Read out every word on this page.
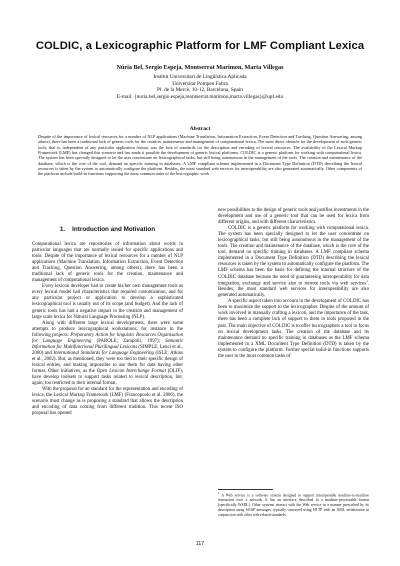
COLDIC, a Lexicographic Platform for LMF Compliant Lexica
Núria Bel, Sergio Espeja, Montserrat Marimon, Marta Villegas
Institut Universitari de Lingüística Aplicada
Universitat Pompeu Fabra
Pl. de la Mercè, 10-12, Barcelona, Spain
E-mail: {nuria.bel,sergio.espeja,montserrat.marimon,marta.villegas}@upf.edu
Abstract
Despite of the importance of lexical resources for a number of NLP applications (Machine Translation, Information Extraction, Event Detection and Tracking, Question Answering, among others), there has been a traditional lack of generic tools for the creation, maintenance and management of computational lexica. The most direct obstacle for the development of such generic tools, that is, independent of any particular application format, was the lack of standards for the description and encoding of lexical resources. The availability of the Lexical Markup Framework (LMF) has changed this scenario and has made it possible the development of generic lexical platforms. COLDIC is a generic platform for working with computational lexica. The system has been specially designed to let the user concentrate on lexicographical tasks, but still being autonomous in the management of the tools. The creation and maintenance of the database, which is the core of the tool, demand no specific training in databases. A LMF compliant schema implemented in a Document Type Definition (DTD) describing the lexical resources is taken by the system to automatically configure the platform. Besides, the most standard web services for interoperability are also generated automatically. Other components of the platform include build-in functions supporting the most common tasks of the lexicographic work.
1.    Introduction and Motivation

Computational lexica are repositories of information about words in particular languages that are normally issued for specific applications and tools. Despite of the importance of lexical resources for a number of NLP applications (Machine Translation, Information Extraction, Event Detection and Tracking, Question Answering, among others), there has been a traditional lack of generic tools for the creation, maintenance and management of computational lexica.

Every lexicon developer had to create his/her own management tools as every lexical model had characteristics that required customization, and for any particular project or application to develop a sophisticated lexicographical tool is usually out of its scope (and budget). And the lack of generic tools has had a negative impact in the creation and management of large scale lexica for Natural Language Processing (NLP).

Along with different large lexical developments, there were some attempts to produce lexicographical workstations, for instance in the following projects: Preparatory Action for linguistic Resources Organisation for Language Engineering (PAROLE; Zampolli, 1997); Semantic Information for Multifunctional Plurilingual Lexicons (SIMPLE; Lenci et al., 2000) and International Standards for Language Engineering (ISLE; Atkins et al., 2002). But, as mentioned, they were too tied to their specific design of lexical entries, and making impossible to use them for data having other format. Other initiatives, as the Open Lexicon Interchange Format (OLIF), have develop toolsets to support tasks related to lexical description, but, again, too restricted to their internal format.

With the proposal for an standard for the representation and encoding of lexica, the Lexical Markup Framework (LMF) (Francopoulo et al. 2006), the scenario must change as is proposing a standard that allows the description and encoding of data coming from different tradition. This recent ISO proposal has opened

new possibilities to the design of generic tools and justifies investments in the development and use of a generic tool that can be used for lexica from different origins, and with different characteristics.

COLDIC is a generic platform for working with computational lexica. The system has been specially designed to let the user concentrate on lexicographical tasks, but still being autonomous in the management of the tools. The creation and maintenance of the database, which is the core of the tool, demand no specific training in databases. A LMF compliant schema implemented in a Document Type Definition (DTD) describing the lexical resources is taken by the system to automatically configure the platform. The LMF schema has been the basis for defining the internal structure of the COLDIC database because the need of guaranteeing interoperability for data integration, exchange and service also to remote tools via web services$^1$. Besides, the most standard web services for interoperability are also generated automatically.

A specific aspect taken into account in the development of COLDIC has been to maximize the support to the lexicographer. Despite of the amount of work involved in manually crafting a lexicon, and the importance of the task, there has been a complete lack of support to them in tools proposed in the past. The main objective of COLDIC is to offer lexicographers a tool to focus on lexical development tasks. The creation of the database and its maintenance demand no specific training in databases as the LMF schema implemented in a XML Document Type Definition (DTD) is taken by the system to configure the platform. Further special build-in functions supports the user in the most common tasks of

$^1$ A Web service is a software system designed to support interoperable machine-to-machine interaction over a network. It has an interface described in a machine-processable format (specifically WSDL). Other systems interact with the Web service in a manner prescribed by its description using SOAP messages, typically conveyed using HTTP with an XML serialization in conjunction with other web-related standards.
117
